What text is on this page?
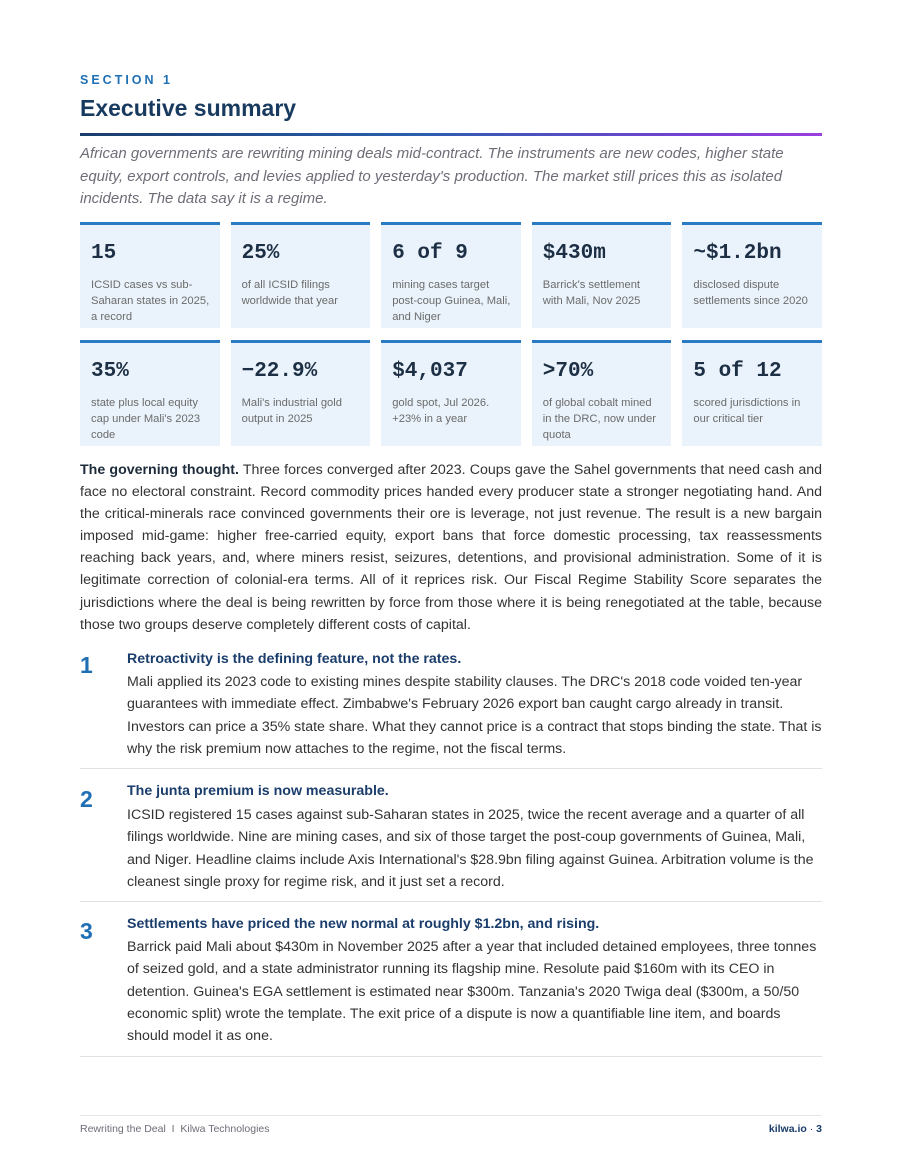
SECTION 1
Executive summary

African governments are rewriting mining deals mid-contract. The instruments are new codes, higher state equity, export controls, and levies applied to yesterday's production. The market still prices this as isolated incidents. The data say it is a regime.

15
ICSID cases vs sub-Saharan states in 2025, a record
25%
of all ICSID filings worldwide that year
6 of 9
mining cases target post-coup Guinea, Mali, and Niger
$430m
Barrick's settlement with Mali, Nov 2025
~$1.2bn
disclosed dispute settlements since 2020
35%
state plus local equity cap under Mali's 2023 code
−22.9%
Mali's industrial gold output in 2025
$4,037
gold spot, Jul 2026. +23% in a year
>70%
of global cobalt mined in the DRC, now under quota
5 of 12
scored jurisdictions in our critical tier

The governing thought. Three forces converged after 2023. Coups gave the Sahel governments that need cash and face no electoral constraint. Record commodity prices handed every producer state a stronger negotiating hand. And the critical-minerals race convinced governments their ore is leverage, not just revenue. The result is a new bargain imposed mid-game: higher free-carried equity, export bans that force domestic processing, tax reassessments reaching back years, and, where miners resist, seizures, detentions, and provisional administration. Some of it is legitimate correction of colonial-era terms. All of it reprices risk. Our Fiscal Regime Stability Score separates the jurisdictions where the deal is being rewritten by force from those where it is being renegotiated at the table, because those two groups deserve completely different costs of capital.

1 Retroactivity is the defining feature, not the rates.

Mali applied its 2023 code to existing mines despite stability clauses. The DRC's 2018 code voided ten-year guarantees with immediate effect. Zimbabwe's February 2026 export ban caught cargo already in transit. Investors can price a 35% state share. What they cannot price is a contract that stops binding the state. That is why the risk premium now attaches to the regime, not the fiscal terms.

2 The junta premium is now measurable.

ICSID registered 15 cases against sub-Saharan states in 2025, twice the recent average and a quarter of all filings worldwide. Nine are mining cases, and six of those target the post-coup governments of Guinea, Mali, and Niger. Headline claims include Axis International's $28.9bn filing against Guinea. Arbitration volume is the cleanest single proxy for regime risk, and it just set a record.

3 Settlements have priced the new normal at roughly $1.2bn, and rising.

Barrick paid Mali about $430m in November 2025 after a year that included detained employees, three tonnes of seized gold, and a state administrator running its flagship mine. Resolute paid $160m with its CEO in detention. Guinea's EGA settlement is estimated near $300m. Tanzania's 2020 Twiga deal ($300m, a 50/50 economic split) wrote the template. The exit price of a dispute is now a quantifiable line item, and boards should model it as one.

Rewriting the Deal  I  Kilwa Technologies	kilwa.io · 3
